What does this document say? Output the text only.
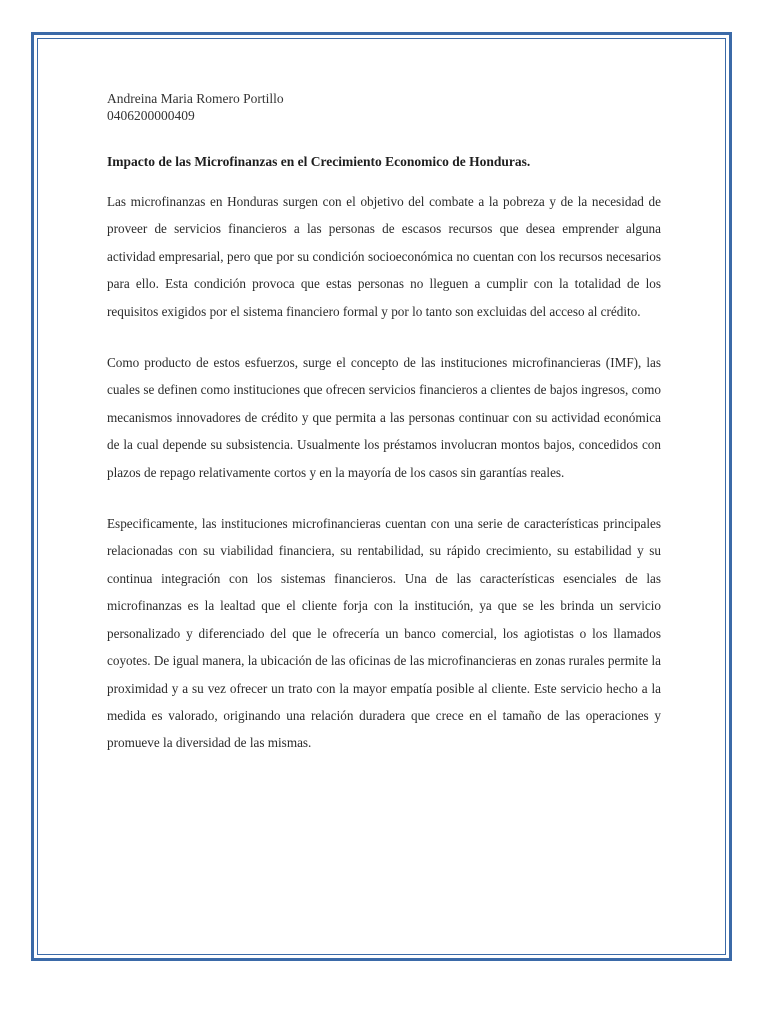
Andreina Maria Romero Portillo

0406200000409

Impacto de las Microfinanzas en el Crecimiento Economico de Honduras.

Las microfinanzas en Honduras surgen con el objetivo del combate a la pobreza y de la necesidad de proveer de servicios financieros a las personas de escasos recursos que desea emprender alguna actividad empresarial, pero que por su condición socioeconómica no cuentan con los recursos necesarios para ello. Esta condición provoca que estas personas no lleguen a cumplir con la totalidad de los requisitos exigidos por el sistema financiero formal y por lo tanto son excluidas del acceso al crédito.

Como producto de estos esfuerzos, surge el concepto de las instituciones microfinancieras (IMF), las cuales se definen como instituciones que ofrecen servicios financieros a clientes de bajos ingresos, como mecanismos innovadores de crédito y que permita a las personas continuar con su actividad económica de la cual depende su subsistencia. Usualmente los préstamos involucran montos bajos, concedidos con plazos de repago relativamente cortos y en la mayoría de los casos sin garantías reales.

Especificamente, las instituciones microfinancieras cuentan con una serie de características principales relacionadas con su viabilidad financiera, su rentabilidad, su rápido crecimiento, su estabilidad y su continua integración con los sistemas financieros. Una de las características esenciales de las microfinanzas es la lealtad que el cliente forja con la institución, ya que se les brinda un servicio personalizado y diferenciado del que le ofrecería un banco comercial, los agiotistas o los llamados coyotes. De igual manera, la ubicación de las oficinas de las microfinancieras en zonas rurales permite la proximidad y a su vez ofrecer un trato con la mayor empatía posible al cliente. Este servicio hecho a la medida es valorado, originando una relación duradera que crece en el tamaño de las operaciones y promueve la diversidad de las mismas.
